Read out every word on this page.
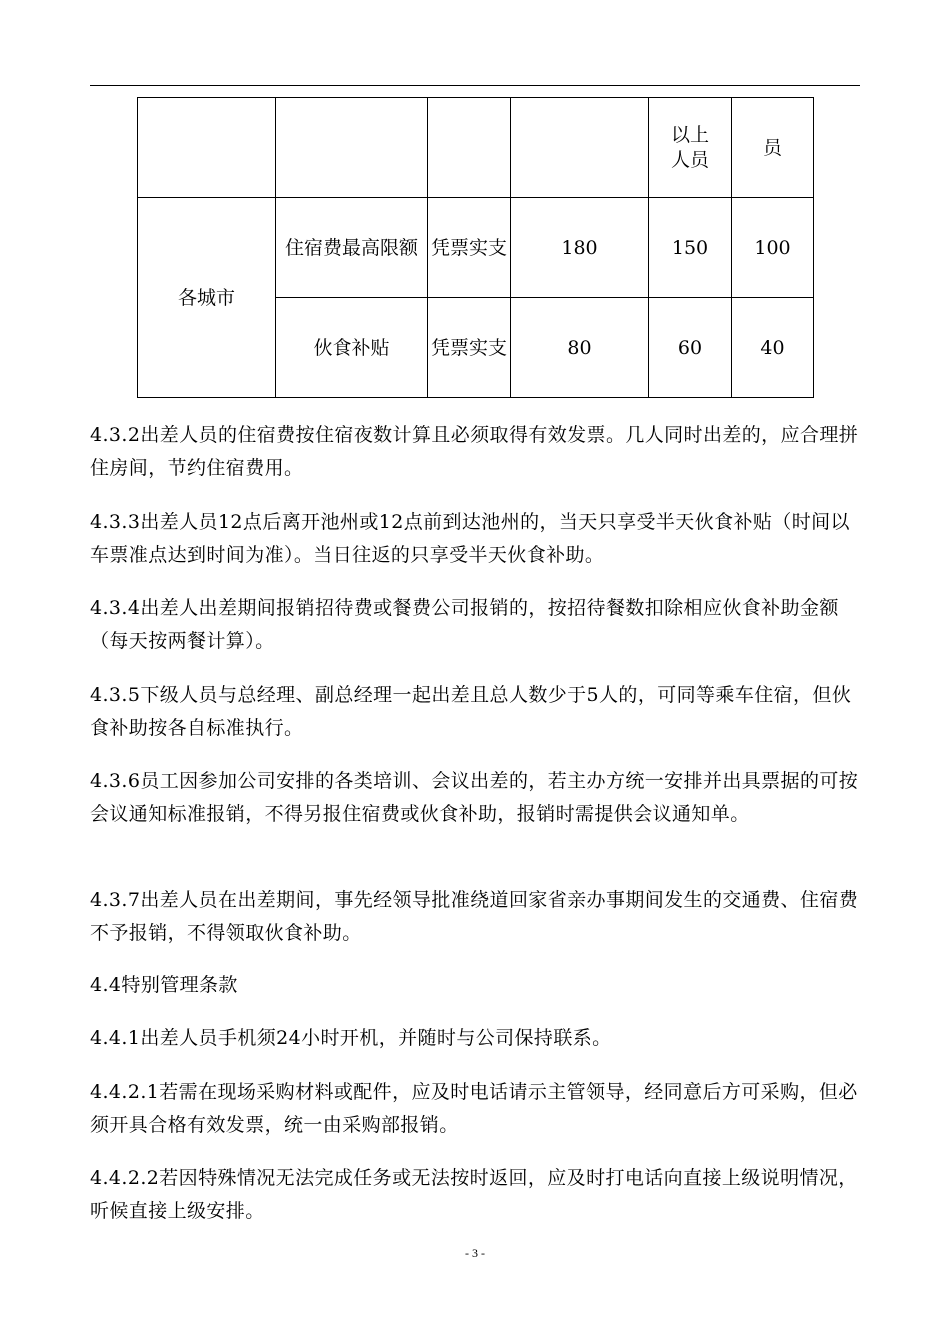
				以上人员	员
各城市	住宿费最高限额	凭票实支	180	150	100
	伙食补贴	凭票实支	80	60	40

4.3.2出差人员的住宿费按住宿夜数计算且必须取得有效发票。几人同时出差的，应合理拼住房间，节约住宿费用。

4.3.3出差人员12点后离开池州或12点前到达池州的，当天只享受半天伙食补贴（时间以车票准点达到时间为准）。当日往返的只享受半天伙食补助。

4.3.4出差人出差期间报销招待费或餐费公司报销的，按招待餐数扣除相应伙食补助金额（每天按两餐计算）。

4.3.5下级人员与总经理、副总经理一起出差且总人数少于5人的，可同等乘车住宿，但伙食补助按各自标准执行。

4.3.6员工因参加公司安排的各类培训、会议出差的，若主办方统一安排并出具票据的可按会议通知标准报销，不得另报住宿费或伙食补助，报销时需提供会议通知单。

4.3.7出差人员在出差期间，事先经领导批准绕道回家省亲办事期间发生的交通费、住宿费不予报销，不得领取伙食补助。

4.4特别管理条款

4.4.1出差人员手机须24小时开机，并随时与公司保持联系。

4.4.2.1若需在现场采购材料或配件，应及时电话请示主管领导，经同意后方可采购，但必须开具合格有效发票，统一由采购部报销。

4.4.2.2若因特殊情况无法完成任务或无法按时返回，应及时打电话向直接上级说明情况，听候直接上级安排。

- 3 -
